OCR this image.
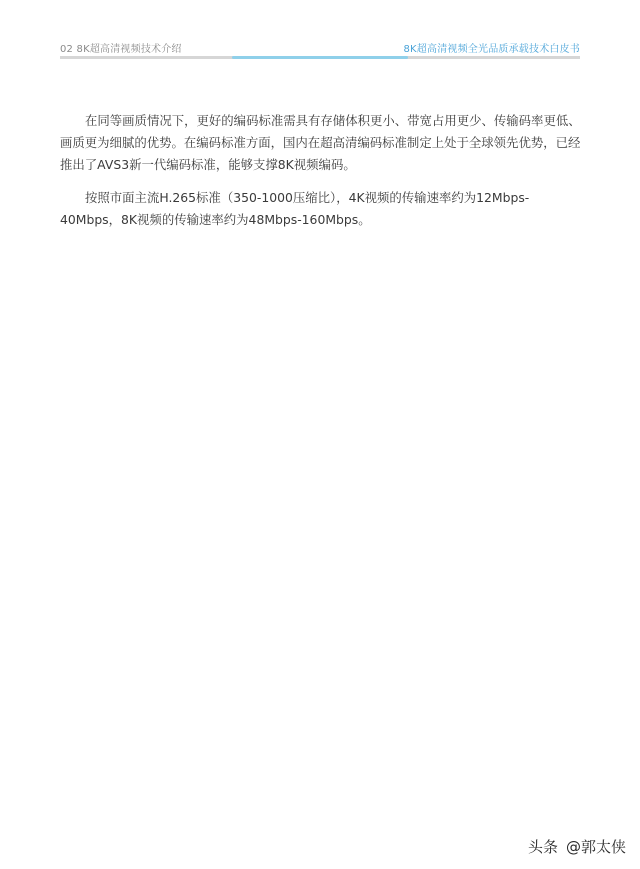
02 8K超高清视频技术介绍	8K超高清视频全光品质承载技术白皮书

在同等画质情况下，更好的编码标准需具有存储体积更小、带宽占用更少、传输码率更低、画质更为细腻的优势。在编码标准方面，国内在超高清编码标准制定上处于全球领先优势，已经推出了AVS3新一代编码标准，能够支撑8K视频编码。

按照市面主流H.265标准（350-1000压缩比），4K视频的传输速率约为12Mbps-40Mbps，8K视频的传输速率约为48Mbps-160Mbps。

头条 @郭太侠
